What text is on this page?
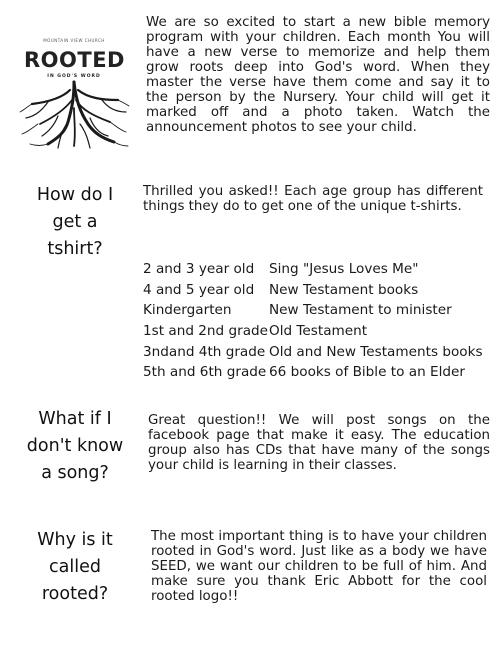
MOUNTAIN VIEW CHURCH
ROOTED
IN GOD'S WORD

We are so excited to start a new bible memory program with your children. Each month You will have a new verse to memorize and help them grow roots deep into God's word. When they master the verse have them come and say it to the person by the Nursery. Your child will get it marked off and a photo taken. Watch the announcement photos to see your child.

How do I
get a
tshirt?

Thrilled you asked!! Each age group has different things they do to get one of the unique t-shirts.

2 and 3 year old	Sing "Jesus Loves Me"
4 and 5 year old	New Testament books
Kindergarten	New Testament to minister
1st and 2nd grade Old Testament
3ndand 4th grade Old and New Testaments books
5th and 6th grade 66 books of Bible to an Elder
What if I
don't know
a song?

Great question!! We will post songs on the facebook page that make it easy. The education group also has CDs that have many of the songs your child is learning in their classes.

Why is it
called
rooted?

The most important thing is to have your children rooted in God's word. Just like as a body we have SEED, we want our children to be full of him. And make sure you thank Eric Abbott for the cool rooted logo!!
